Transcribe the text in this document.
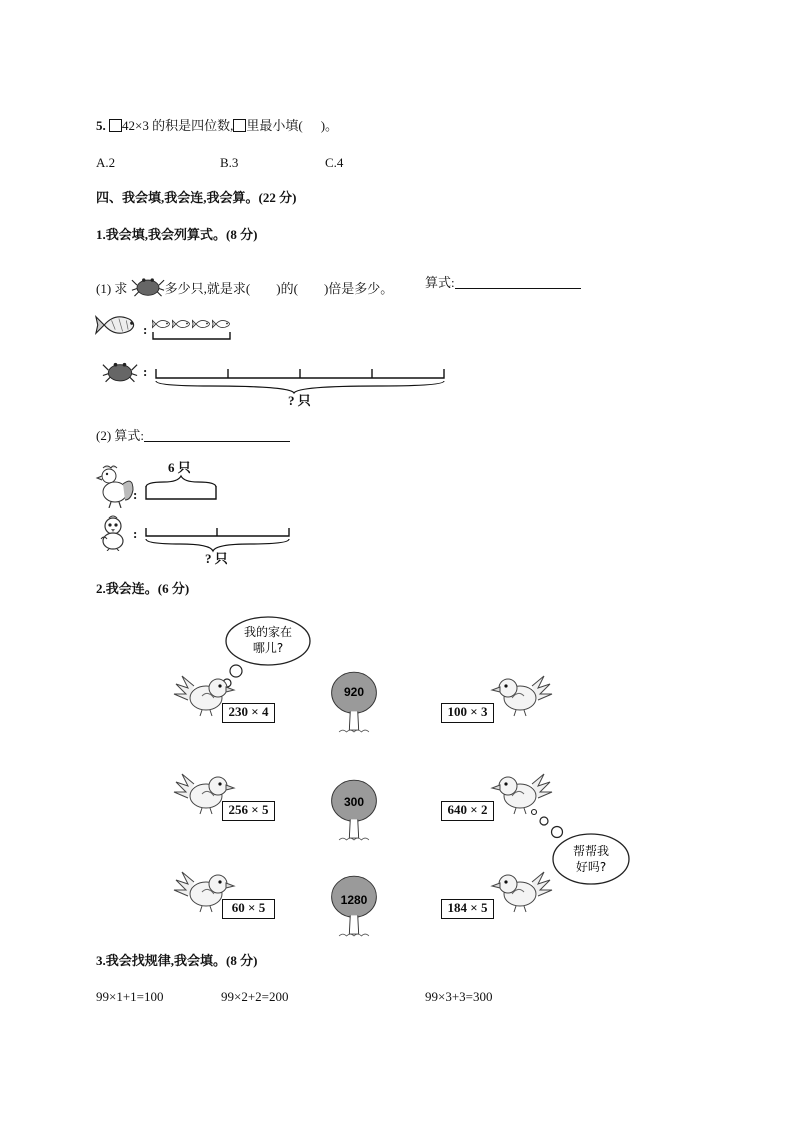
5. 42×3 的积是四位数, 里最小填( )。
A.2	B.3	C.4
四、我会填,我会连,我会算。(22 分)
1.我会填,我会列算式。(8 分)
(1) 求	多少只,就是求( )的( )倍是多少。 算式:
:
:
? 只
(2) 算式:
6 只
:
:
? 只
2.我会连。(6 分)
我的家在
哪儿?
帮帮我
好吗?
230 × 4
920
100 × 3
256 × 5	300	640 × 2
60 × 5	1280	184 × 5
3.我会找规律,我会填。(8 分)
99×1+1=100	99×2+2=200	99×3+3=300
